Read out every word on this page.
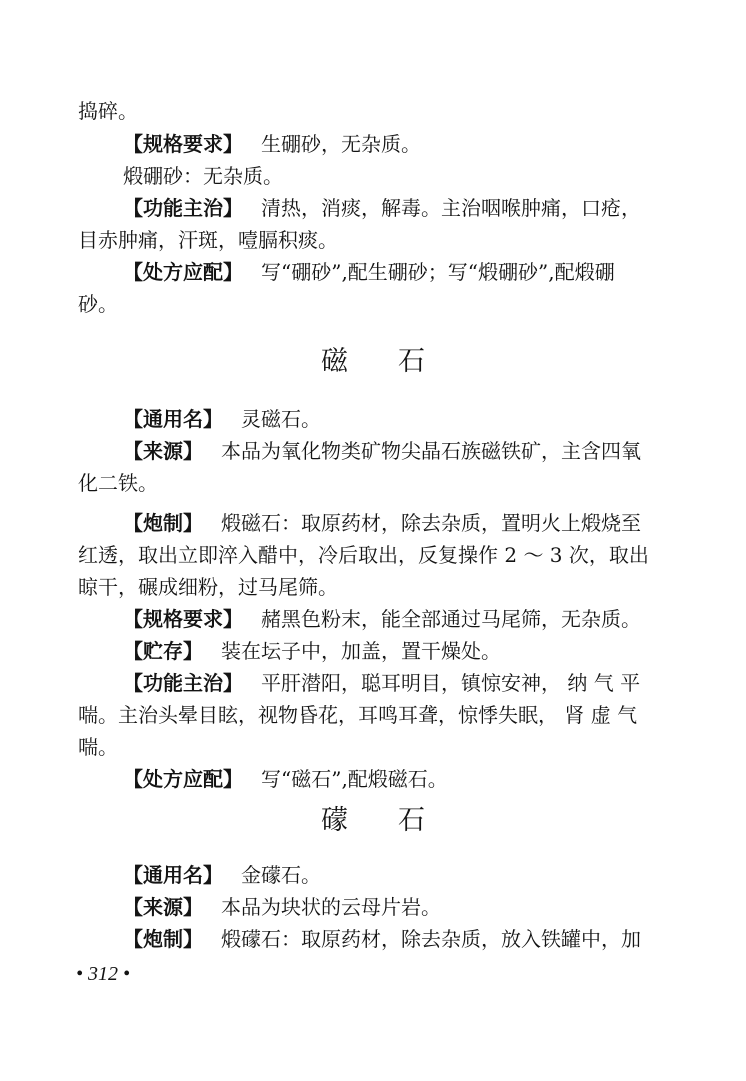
捣碎。
【规格要求】 生硼砂，无杂质。
煅硼砂：无杂质。
【功能主治】 清热，消痰，解毒。主治咽喉肿痛，口疮，
目赤肿痛，汗斑，噎膈积痰。
【处方应配】 写“硼砂”,配生硼砂；写“煅硼砂”,配煅硼
砂。
磁 石
【通用名】 灵磁石。
【来源】 本品为氧化物类矿物尖晶石族磁铁矿，主含四氧
化二铁。
【炮制】 煅磁石：取原药材，除去杂质，置明火上煅烧至
红透，取出立即淬入醋中，冷后取出，反复操作 2 ～ 3 次，取出
晾干，碾成细粉，过马尾筛。
【规格要求】 赭黑色粉末，能全部通过马尾筛，无杂质。
【贮存】 装在坛子中，加盖，置干燥处。
【功能主治】 平肝潜阳，聪耳明目，镇惊安神， 纳 气 平
喘。主治头晕目眩，视物昏花，耳鸣耳聋，惊悸失眠， 肾 虚 气
喘。
【处方应配】 写“磁石”,配煅磁石。
礞 石
【通用名】 金礞石。
【来源】 本品为块状的云母片岩。
【炮制】 煅礞石：取原药材，除去杂质，放入铁罐中，加
• 312 •
